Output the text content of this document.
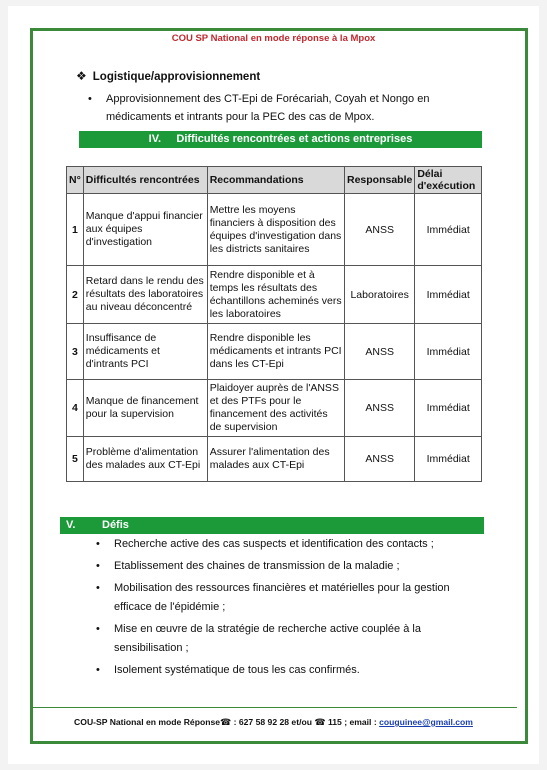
COU SP National en mode réponse à la Mpox
❖ Logistique/approvisionnement
•	Approvisionnement des CT-Epi de Forécariah, Coyah et Nongo en médicaments et intrants pour la PEC des cas de Mpox.
IV. Difficultés rencontrées et actions entreprises
N°	Difficultés rencontrées	Recommandations	Responsable	Délai d'exécution
1	Manque d'appui financier aux équipes d'investigation	Mettre les moyens financiers à disposition des équipes d'investigation dans les districts sanitaires	ANSS	Immédiat
2	Retard dans le rendu des résultats des laboratoires au niveau déconcentré	Rendre disponible et à temps les résultats des échantillons acheminés vers les laboratoires	Laboratoires	Immédiat
3	Insuffisance de médicaments et d'intrants PCI	Rendre disponible les médicaments et intrants PCI dans les CT-Epi	ANSS	Immédiat
4	Manque de financement pour la supervision	Plaidoyer auprès de l'ANSS et des PTFs pour le financement des activités de supervision	ANSS	Immédiat
5	Problème d'alimentation des malades aux CT-Epi	Assurer l'alimentation des malades aux CT-Epi	ANSS	Immédiat
V. Défis
• Recherche active des cas suspects et identification des contacts ;
• Etablissement des chaines de transmission de la maladie ;
• Mobilisation des ressources financières et matérielles pour la gestion efficace de l'épidémie ;
• Mise en œuvre de la stratégie de recherche active couplée à la sensibilisation ;
• Isolement systématique de tous les cas confirmés.
COU-SP National en mode Réponse☎ : 627 58 92 28 et/ou ☎ 115 ; email : couguinee@gmail.com
